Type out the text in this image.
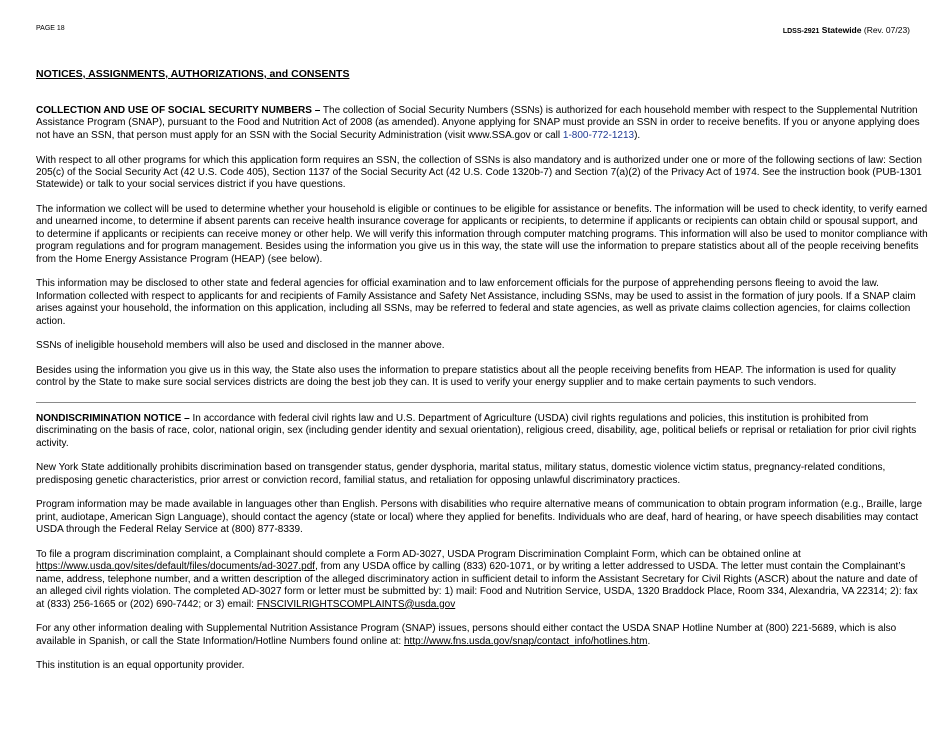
PAGE 18	LDSS-2921 Statewide (Rev. 07/23)
NOTICES, ASSIGNMENTS, AUTHORIZATIONS, and CONSENTS

COLLECTION AND USE OF SOCIAL SECURITY NUMBERS – The collection of Social Security Numbers (SSNs) is authorized for each household member with respect to the Supplemental Nutrition Assistance Program (SNAP), pursuant to the Food and Nutrition Act of 2008 (as amended). Anyone applying for SNAP must provide an SSN in order to receive benefits. If you or anyone applying does not have an SSN, that person must apply for an SSN with the Social Security Administration (visit www.SSA.gov or call 1-800-772-1213).

With respect to all other programs for which this application form requires an SSN, the collection of SSNs is also mandatory and is authorized under one or more of the following sections of law: Section 205(c) of the Social Security Act (42 U.S. Code 405), Section 1137 of the Social Security Act (42 U.S. Code 1320b-7) and Section 7(a)(2) of the Privacy Act of 1974. See the instruction book (PUB-1301 Statewide) or talk to your social services district if you have questions.

The information we collect will be used to determine whether your household is eligible or continues to be eligible for assistance or benefits. The information will be used to check identity, to verify earned and unearned income, to determine if absent parents can receive health insurance coverage for applicants or recipients, to determine if applicants or recipients can obtain child or spousal support, and to determine if applicants or recipients can receive money or other help. We will verify this information through computer matching programs. This information will also be used to monitor compliance with program regulations and for program management. Besides using the information you give us in this way, the state will use the information to prepare statistics about all of the people receiving benefits from the Home Energy Assistance Program (HEAP) (see below).

This information may be disclosed to other state and federal agencies for official examination and to law enforcement officials for the purpose of apprehending persons fleeing to avoid the law. Information collected with respect to applicants for and recipients of Family Assistance and Safety Net Assistance, including SSNs, may be used to assist in the formation of jury pools. If a SNAP claim arises against your household, the information on this application, including all SSNs, may be referred to federal and state agencies, as well as private claims collection agencies, for claims collection action.

SSNs of ineligible household members will also be used and disclosed in the manner above.

Besides using the information you give us in this way, the State also uses the information to prepare statistics about all the people receiving benefits from HEAP. The information is used for quality control by the State to make sure social services districts are doing the best job they can. It is used to verify your energy supplier and to make certain payments to such vendors.

NONDISCRIMINATION NOTICE – In accordance with federal civil rights law and U.S. Department of Agriculture (USDA) civil rights regulations and policies, this institution is prohibited from discriminating on the basis of race, color, national origin, sex (including gender identity and sexual orientation), religious creed, disability, age, political beliefs or reprisal or retaliation for prior civil rights activity.

New York State additionally prohibits discrimination based on transgender status, gender dysphoria, marital status, military status, domestic violence victim status, pregnancy-related conditions, predisposing genetic characteristics, prior arrest or conviction record, familial status, and retaliation for opposing unlawful discriminatory practices.

Program information may be made available in languages other than English. Persons with disabilities who require alternative means of communication to obtain program information (e.g., Braille, large print, audiotape, American Sign Language), should contact the agency (state or local) where they applied for benefits. Individuals who are deaf, hard of hearing, or have speech disabilities may contact USDA through the Federal Relay Service at (800) 877-8339.

To file a program discrimination complaint, a Complainant should complete a Form AD-3027, USDA Program Discrimination Complaint Form, which can be obtained online at https://www.usda.gov/sites/default/files/documents/ad-3027.pdf, from any USDA office by calling (833) 620-1071, or by writing a letter addressed to USDA. The letter must contain the Complainant’s name, address, telephone number, and a written description of the alleged discriminatory action in sufficient detail to inform the Assistant Secretary for Civil Rights (ASCR) about the nature and date of an alleged civil rights violation. The completed AD-3027 form or letter must be submitted by: 1) mail: Food and Nutrition Service, USDA, 1320 Braddock Place, Room 334, Alexandria, VA 22314; 2): fax at (833) 256-1665 or (202) 690-7442; or 3) email: FNSCIVILRIGHTSCOMPLAINTS@usda.gov

For any other information dealing with Supplemental Nutrition Assistance Program (SNAP) issues, persons should either contact the USDA SNAP Hotline Number at (800) 221-5689, which is also available in Spanish, or call the State Information/Hotline Numbers found online at: http://www.fns.usda.gov/snap/contact_info/hotlines.htm.

This institution is an equal opportunity provider.
